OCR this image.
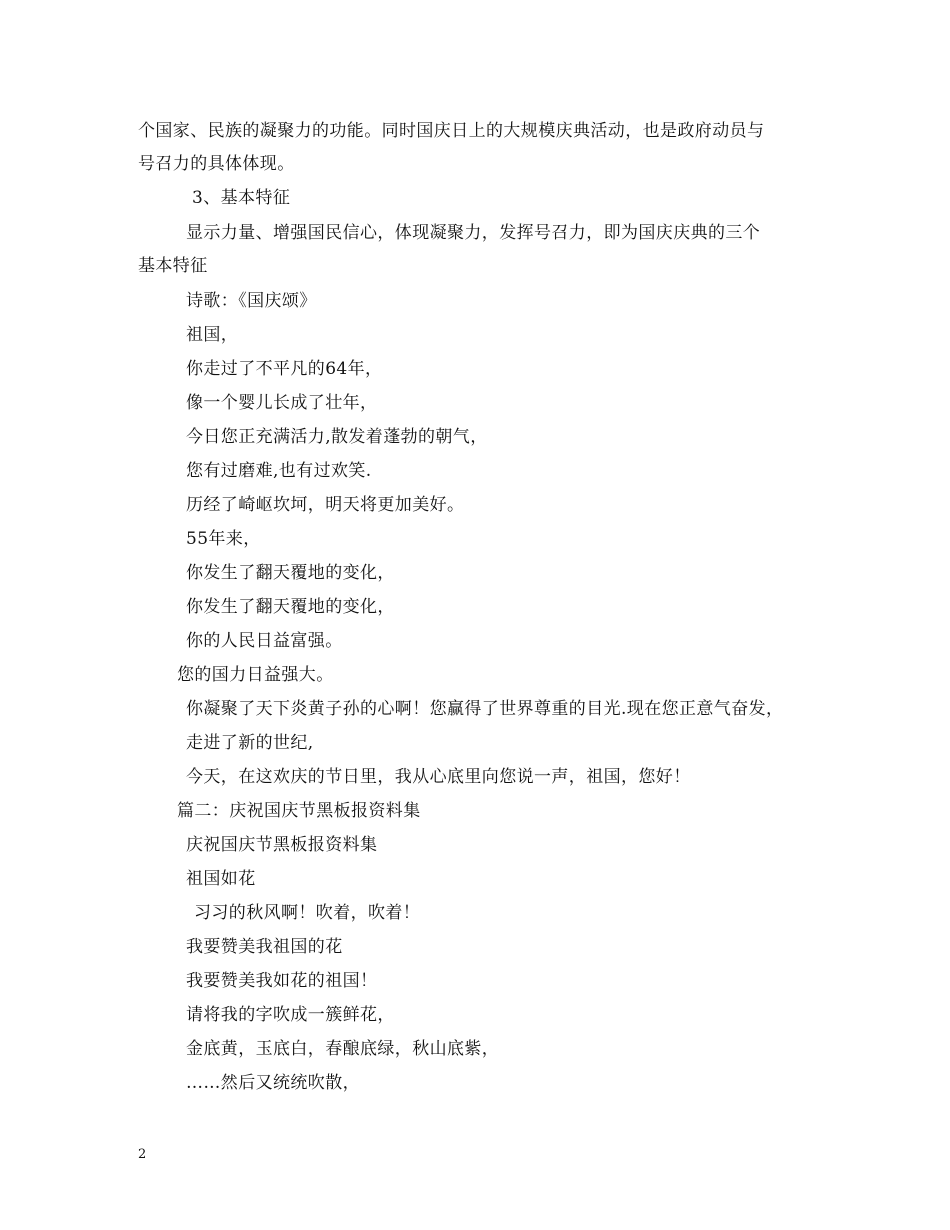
个国家、民族的凝聚力的功能。同时国庆日上的大规模庆典活动，也是政府动员与
号召力的具体体现。
3、基本特征
显示力量、增强国民信心，体现凝聚力，发挥号召力，即为国庆庆典的三个
基本特征
诗歌：《国庆颂》
祖国，
你走过了不平凡的64年，
像一个婴儿长成了壮年，
今日您正充满活力,散发着蓬勃的朝气，
您有过磨难,也有过欢笑.
历经了崎岖坎坷，明天将更加美好。
55年来，
你发生了翻天覆地的变化，
你发生了翻天覆地的变化，
你的人民日益富强。
您的国力日益强大。
你凝聚了天下炎黄子孙的心啊！您赢得了世界尊重的目光.现在您正意气奋发，
走进了新的世纪,
今天，在这欢庆的节日里，我从心底里向您说一声，祖国，您好！
篇二：庆祝国庆节黑板报资料集
庆祝国庆节黑板报资料集
祖国如花
习习的秋风啊！吹着，吹着！
我要赞美我祖国的花
我要赞美我如花的祖国！
请将我的字吹成一簇鲜花，
金底黄，玉底白，春酿底绿，秋山底紫，
……然后又统统吹散，
2
